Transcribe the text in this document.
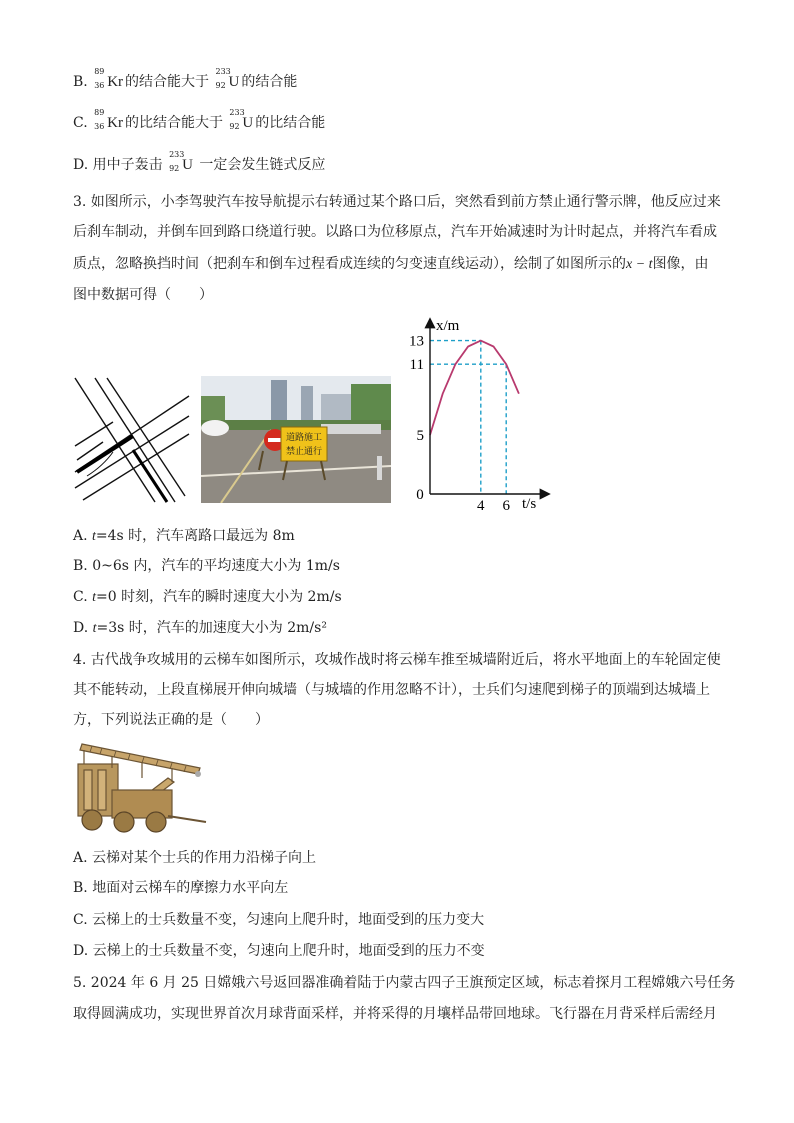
B.
89
36 Kr 的结合能大于
233
92 U 的结合能
C.
89
36 Kr 的比结合能大于
233
92 U 的比结合能
D. 用中子轰击
233
92 U 一定会发生链式反应
3. 如图所示，小李驾驶汽车按导航提示右转通过某个路口后，突然看到前方禁止通行警示牌，他反应过来
后刹车制动，并倒车回到路口绕道行驶。以路口为位移原点，汽车开始减速时为计时起点，并将汽车看成
质点，忽略换挡时间（把刹车和倒车过程看成连续的匀变速直线运动），绘制了如图所示的x − t图像，由
图中数据可得（　　）
道路施工
禁止通行
x/m
t/s
5
11
13
0
4 6
A. t=4s 时，汽车离路口最远为 8m
B. 0~6s 内，汽车的平均速度大小为 1m/s
C. t=0 时刻，汽车的瞬时速度大小为 2m/s
D. t=3s 时，汽车的加速度大小为 2m/s²
4. 古代战争攻城用的云梯车如图所示，攻城作战时将云梯车推至城墙附近后，将水平地面上的车轮固定使
其不能转动，上段直梯展开伸向城墙（与城墙的作用忽略不计），士兵们匀速爬到梯子的顶端到达城墙上
方，下列说法正确的是（　　）
A. 云梯对某个士兵的作用力沿梯子向上
B. 地面对云梯车的摩擦力水平向左
C. 云梯上的士兵数量不变，匀速向上爬升时，地面受到的压力变大
D. 云梯上的士兵数量不变，匀速向上爬升时，地面受到的压力不变
5. 2024 年 6 月 25 日嫦娥六号返回器准确着陆于内蒙古四子王旗预定区域，标志着探月工程嫦娥六号任务
取得圆满成功，实现世界首次月球背面采样，并将采得的月壤样品带回地球。飞行器在月背采样后需经月
